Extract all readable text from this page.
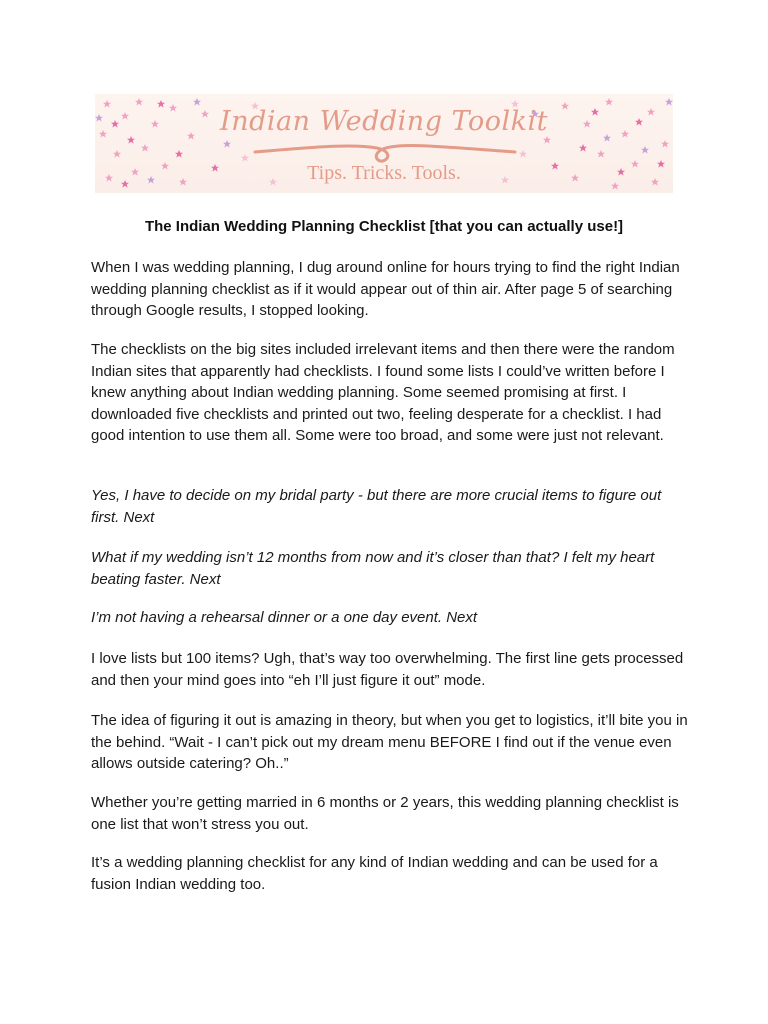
Indian Wedding Toolkit
Tips. Tricks. Tools.
The Indian Wedding Planning Checklist [that you can actually use!]

When I was wedding planning, I dug around online for hours trying to find the right Indian wedding planning checklist as if it would appear out of thin air. After page 5 of searching through Google results, I stopped looking.

The checklists on the big sites included irrelevant items and then there were the random Indian sites that apparently had checklists. I found some lists I could’ve written before I knew anything about Indian wedding planning. Some seemed promising at first. I downloaded five checklists and printed out two, feeling desperate for a checklist. I had good intention to use them all. Some were too broad, and some were just not relevant.

Yes, I have to decide on my bridal party - but there are more crucial items to figure out first. Next

What if my wedding isn’t 12 months from now and it’s closer than that? I felt my heart beating faster. Next

I’m not having a rehearsal dinner or a one day event. Next

I love lists but 100 items? Ugh, that’s way too overwhelming. The first line gets processed and then your mind goes into “eh I’ll just figure it out” mode.

The idea of figuring it out is amazing in theory, but when you get to logistics, it’ll bite you in the behind. “Wait - I can’t pick out my dream menu BEFORE I find out if the venue even allows outside catering? Oh..”

Whether you’re getting married in 6 months or 2 years, this wedding planning checklist is one list that won’t stress you out.

It’s a wedding planning checklist for any kind of Indian wedding and can be used for a fusion Indian wedding too.
